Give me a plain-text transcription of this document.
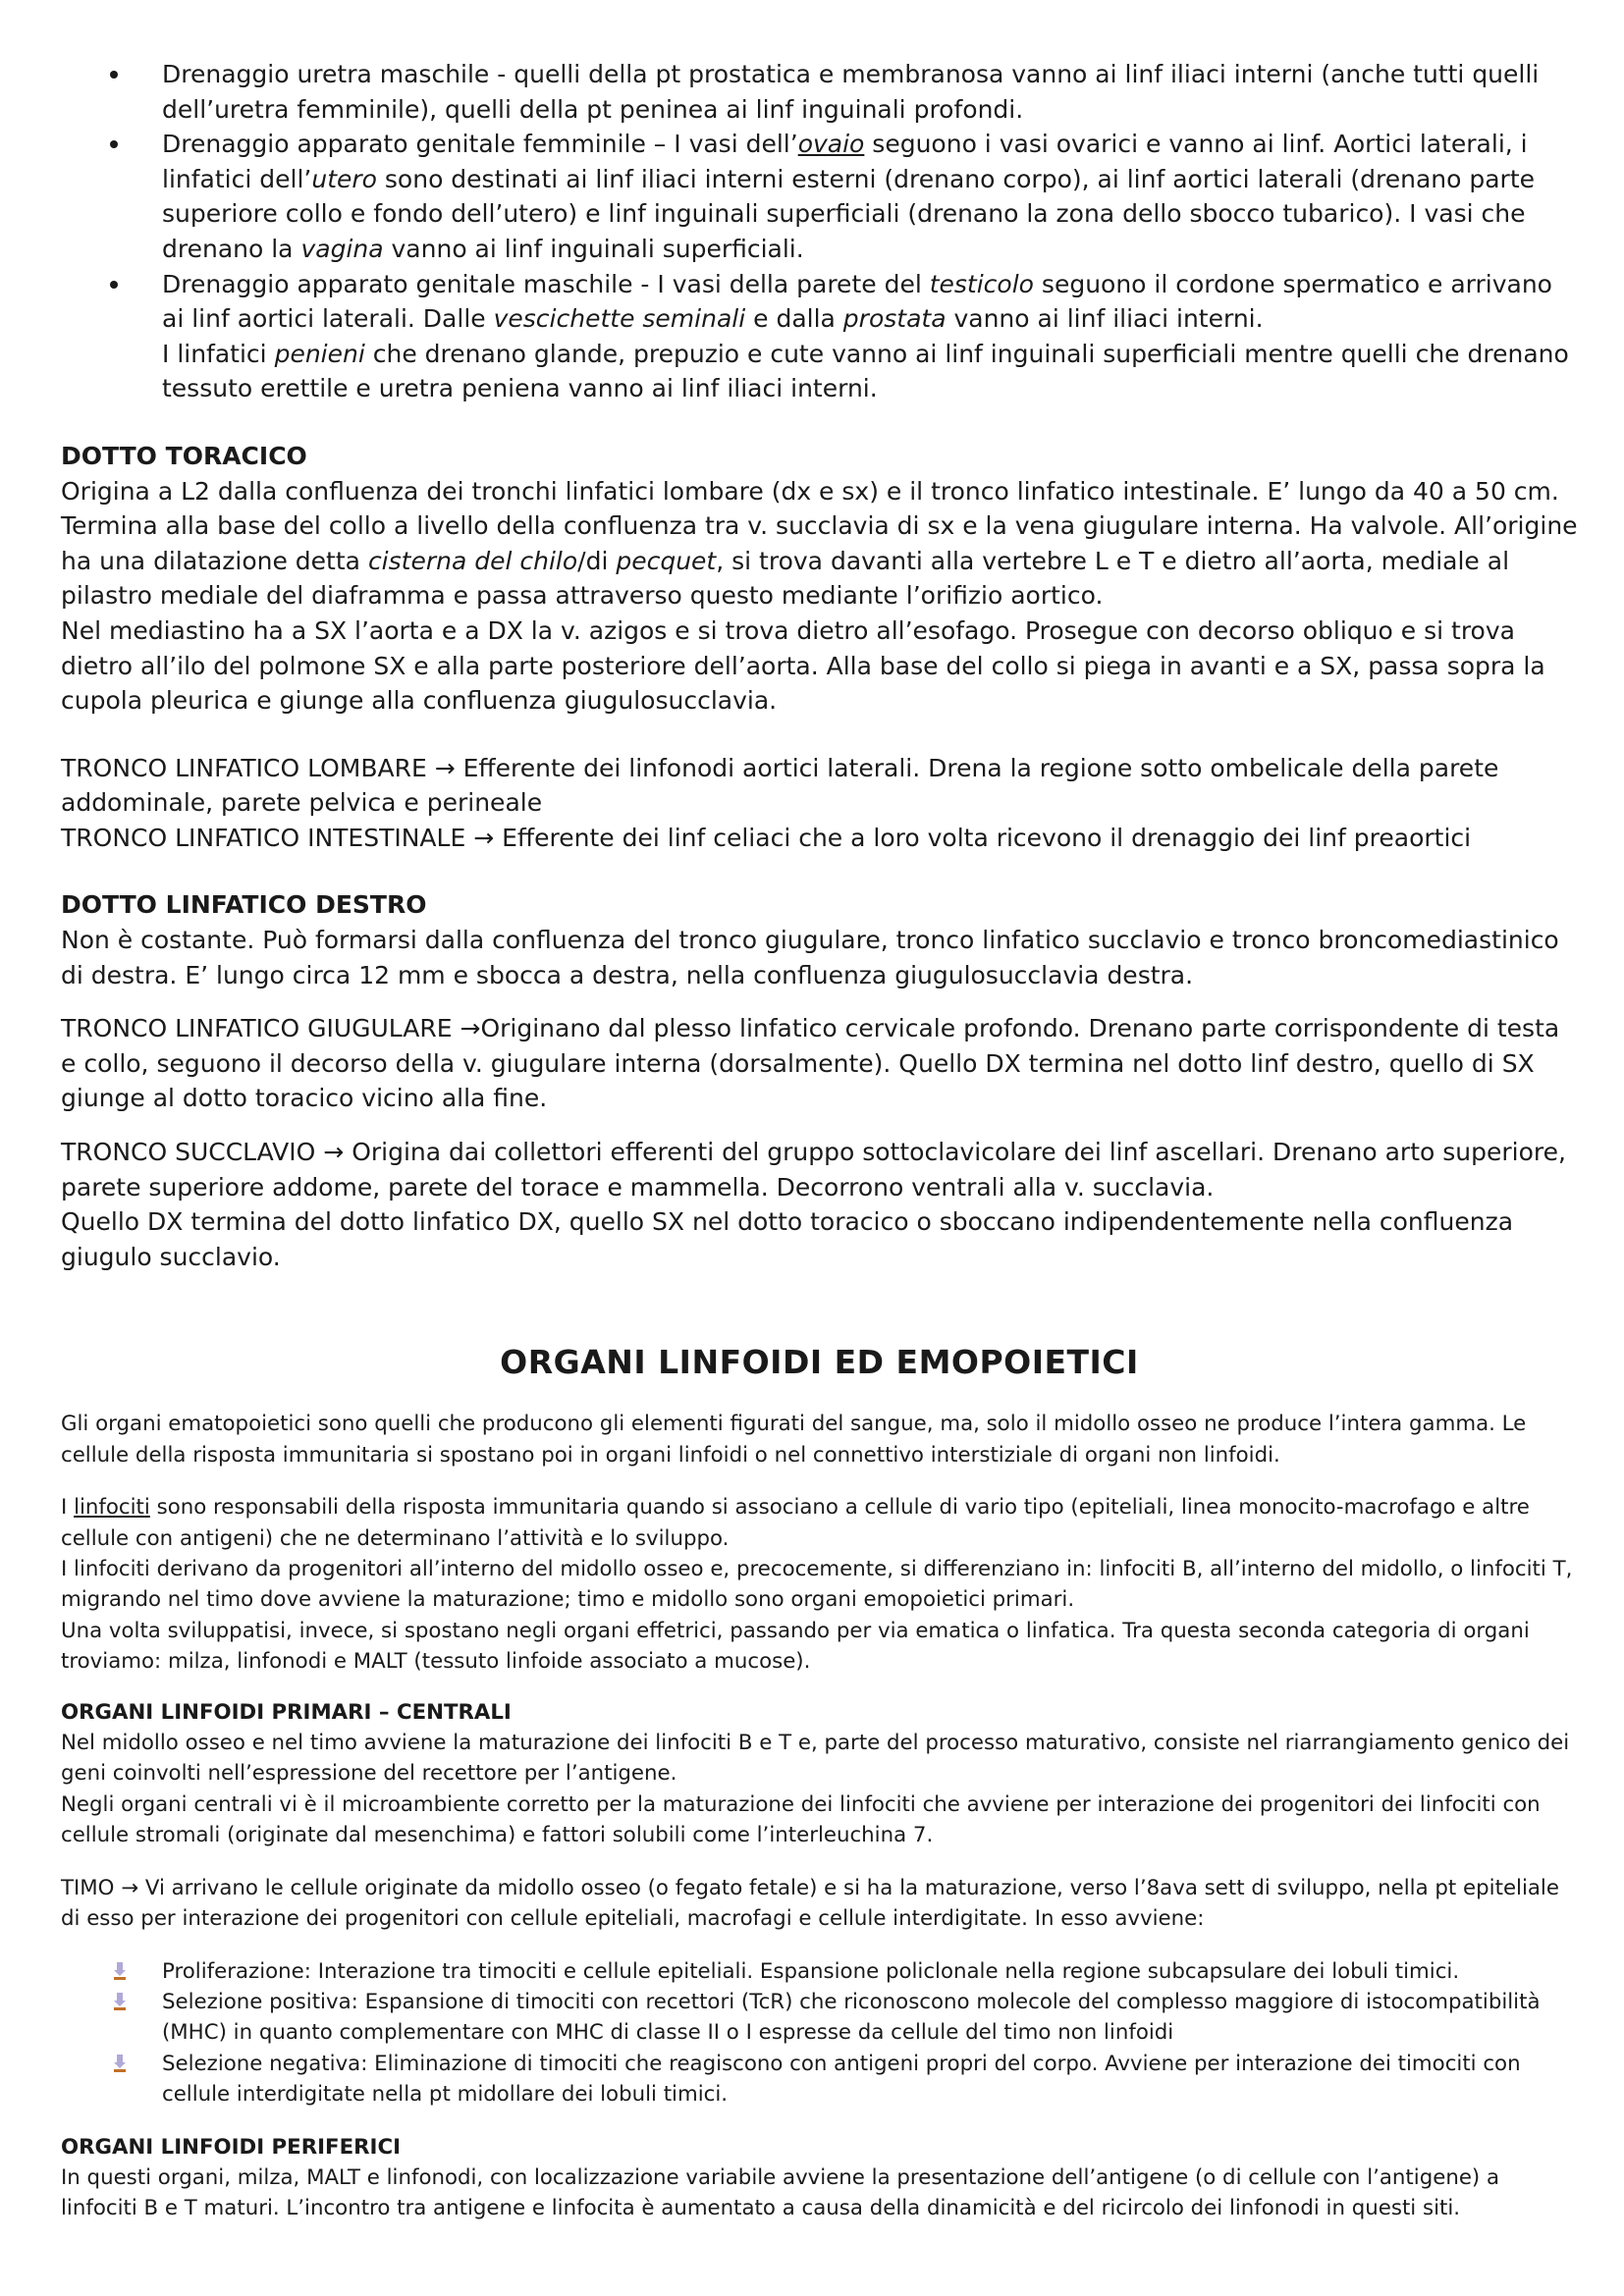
Drenaggio uretra maschile - quelli della pt prostatica e membranosa vanno ai linf iliaci interni (anche tutti quelli dell’uretra femminile), quelli della pt peninea ai linf inguinali profondi.
Drenaggio apparato genitale femminile – I vasi dell’ovaio seguono i vasi ovarici e vanno ai linf. Aortici laterali, i linfatici dell’utero sono destinati ai linf iliaci interni esterni (drenano corpo), ai linf aortici laterali (drenano parte superiore collo e fondo dell’utero) e linf inguinali superficiali (drenano la zona dello sbocco tubarico). I vasi che drenano la vagina vanno ai linf inguinali superficiali.
Drenaggio apparato genitale maschile - I vasi della parete del testicolo seguono il cordone spermatico e arrivano ai linf aortici laterali. Dalle vescichette seminali e dalla prostata vanno ai linf iliaci interni.
I linfatici penieni che drenano glande, prepuzio e cute vanno ai linf inguinali superficiali mentre quelli che drenano tessuto erettile e uretra peniena vanno ai linf iliaci interni.

DOTTO TORACICO

Origina a L2 dalla confluenza dei tronchi linfatici lombare (dx e sx) e il tronco linfatico intestinale. E’ lungo da 40 a 50 cm. Termina alla base del collo a livello della confluenza tra v. succlavia di sx e la vena giugulare interna. Ha valvole. All’origine ha una dilatazione detta cisterna del chilo/di pecquet, si trova davanti alla vertebre L e T e dietro all’aorta, mediale al pilastro mediale del diaframma e passa attraverso questo mediante l’orifizio aortico.

Nel mediastino ha a SX l’aorta e a DX la v. azigos e si trova dietro all’esofago. Prosegue con decorso obliquo e si trova dietro all’ilo del polmone SX e alla parte posteriore dell’aorta. Alla base del collo si piega in avanti e a SX, passa sopra la cupola pleurica e giunge alla confluenza giugulosucclavia.

TRONCO LINFATICO LOMBARE → Efferente dei linfonodi aortici laterali. Drena la regione sotto ombelicale della parete addominale, parete pelvica e perineale

TRONCO LINFATICO INTESTINALE → Efferente dei linf celiaci che a loro volta ricevono il drenaggio dei linf preaortici

DOTTO LINFATICO DESTRO

Non è costante. Può formarsi dalla confluenza del tronco giugulare, tronco linfatico succlavio e tronco broncomediastinico di destra. E’ lungo circa 12 mm e sbocca a destra, nella confluenza giugulosucclavia destra.

TRONCO LINFATICO GIUGULARE →Originano dal plesso linfatico cervicale profondo. Drenano parte corrispondente di testa e collo, seguono il decorso della v. giugulare interna (dorsalmente). Quello DX termina nel dotto linf destro, quello di SX giunge al dotto toracico vicino alla fine.

TRONCO SUCCLAVIO → Origina dai collettori efferenti del gruppo sottoclavicolare dei linf ascellari. Drenano arto superiore, parete superiore addome, parete del torace e mammella. Decorrono ventrali alla v. succlavia.

Quello DX termina del dotto linfatico DX, quello SX nel dotto toracico o sboccano indipendentemente nella confluenza giugulo succlavio.

ORGANI LINFOIDI ED EMOPOIETICI

Gli organi ematopoietici sono quelli che producono gli elementi figurati del sangue, ma, solo il midollo osseo ne produce l’intera gamma. Le cellule della risposta immunitaria si spostano poi in organi linfoidi o nel connettivo interstiziale di organi non linfoidi.

I linfociti sono responsabili della risposta immunitaria quando si associano a cellule di vario tipo (epiteliali, linea monocito-macrofago e altre cellule con antigeni) che ne determinano l’attività e lo sviluppo.

I linfociti derivano da progenitori all’interno del midollo osseo e, precocemente, si differenziano in: linfociti B, all’interno del midollo, o linfociti T, migrando nel timo dove avviene la maturazione; timo e midollo sono organi emopoietici primari.

Una volta sviluppatisi, invece, si spostano negli organi effetrici, passando per via ematica o linfatica. Tra questa seconda categoria di organi troviamo: milza, linfonodi e MALT (tessuto linfoide associato a mucose).

ORGANI LINFOIDI PRIMARI – CENTRALI

Nel midollo osseo e nel timo avviene la maturazione dei linfociti B e T e, parte del processo maturativo, consiste nel riarrangiamento genico dei geni coinvolti nell’espressione del recettore per l’antigene.

Negli organi centrali vi è il microambiente corretto per la maturazione dei linfociti che avviene per interazione dei progenitori dei linfociti con cellule stromali (originate dal mesenchima) e fattori solubili come l’interleuchina 7.

TIMO → Vi arrivano le cellule originate da midollo osseo (o fegato fetale) e si ha la maturazione, verso l’8ava sett di sviluppo, nella pt epiteliale di esso per interazione dei progenitori con cellule epiteliali, macrofagi e cellule interdigitate. In esso avviene:

Proliferazione: Interazione tra timociti e cellule epiteliali. Espansione policlonale nella regione subcapsulare dei lobuli timici.
Selezione positiva: Espansione di timociti con recettori (TcR) che riconoscono molecole del complesso maggiore di istocompatibilità (MHC) in quanto complementare con MHC di classe II o I espresse da cellule del timo non linfoidi
Selezione negativa: Eliminazione di timociti che reagiscono con antigeni propri del corpo. Avviene per interazione dei timociti con cellule interdigitate nella pt midollare dei lobuli timici.

ORGANI LINFOIDI PERIFERICI

In questi organi, milza, MALT e linfonodi, con localizzazione variabile avviene la presentazione dell’antigene (o di cellule con l’antigene) a linfociti B e T maturi. L’incontro tra antigene e linfocita è aumentato a causa della dinamicità e del ricircolo dei linfonodi in questi siti.
